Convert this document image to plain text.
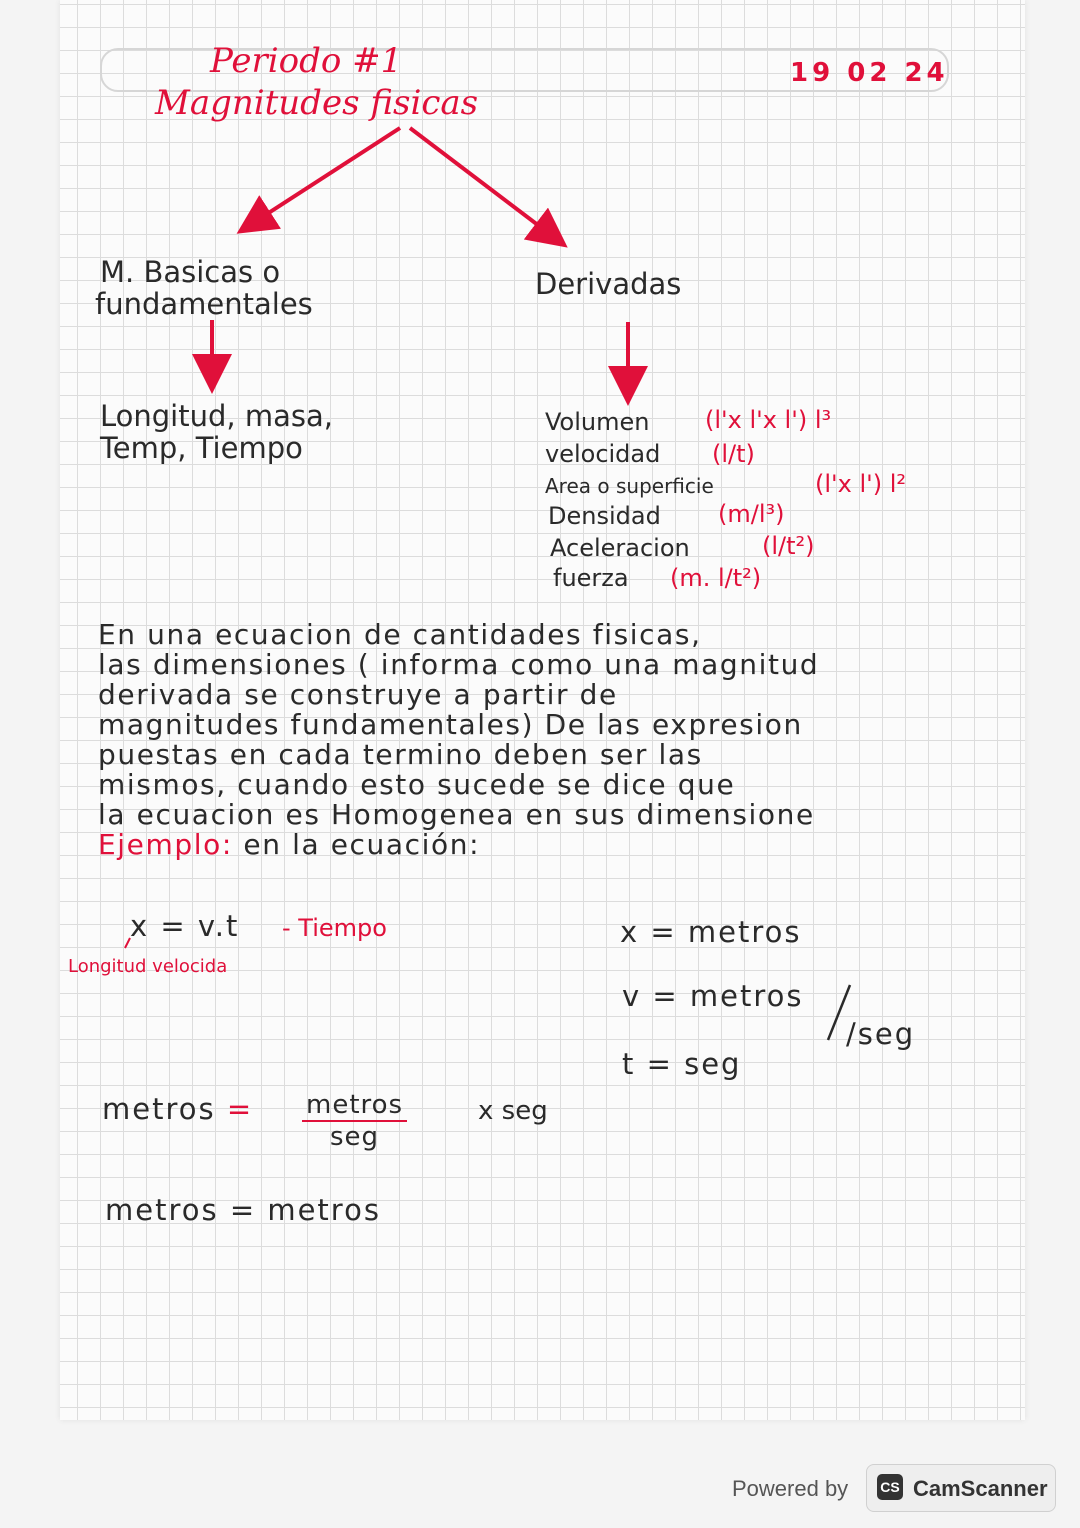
Periodo #1
Magnitudes fisicas
19 02 24
M. Basicas o
fundamentales
Longitud, masa,
Temp, Tiempo
Derivadas
Volumen (l'x l'x l') l³
velocidad (l/t)
Area o superficie	(l'x l') l²
Densidad (m/l³)
Aceleracion	(l/t²)
fuerza (m. l/t²)
En una ecuacion de cantidades fisicas,
las dimensiones ( informa como una magnitud
derivada se construye a partir de
magnitudes fundamentales) De las expresion
puestas en cada termino deben ser las
mismos, cuando esto sucede se dice que
la ecuacion es Homogenea en sus dimensione
Ejemplo: en la ecuación:
x = v.t - Tiempo
Longitud velocida
x = metros
v = metros
/seg
t = seg
metros = metros
seg
x seg
metros = metros
Powered by CS CamScanner
